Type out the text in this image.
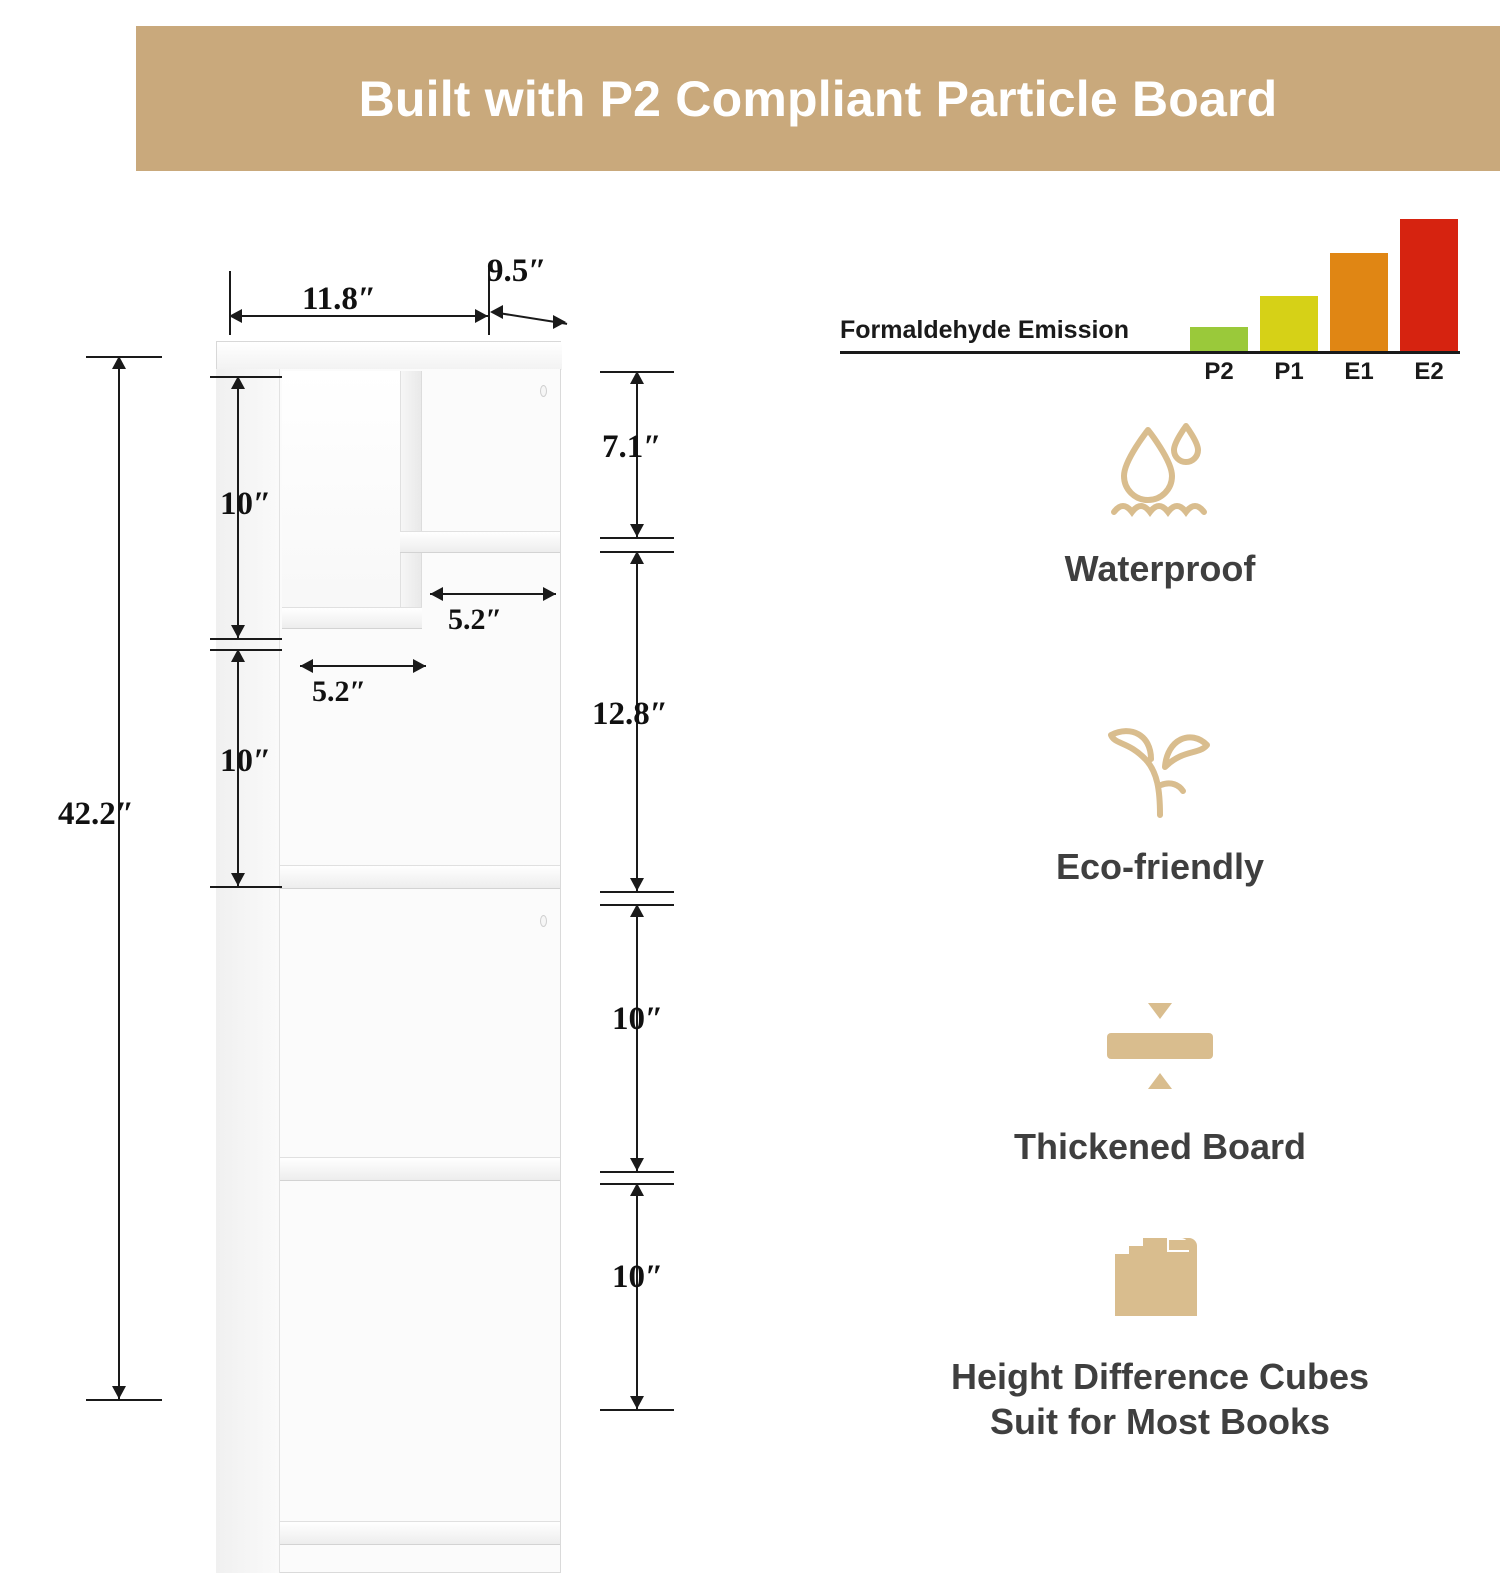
Built with P2 Compliant Particle Board
11.8″
9.5″
42.2″
10″
10″
5.2″
5.2″
7.1″
12.8″
10″
10″
Formaldehyde Emission
P2	P1	E1	E2
Waterproof
Eco-friendly
Thickened Board
Height Difference Cubes
Suit for Most Books
